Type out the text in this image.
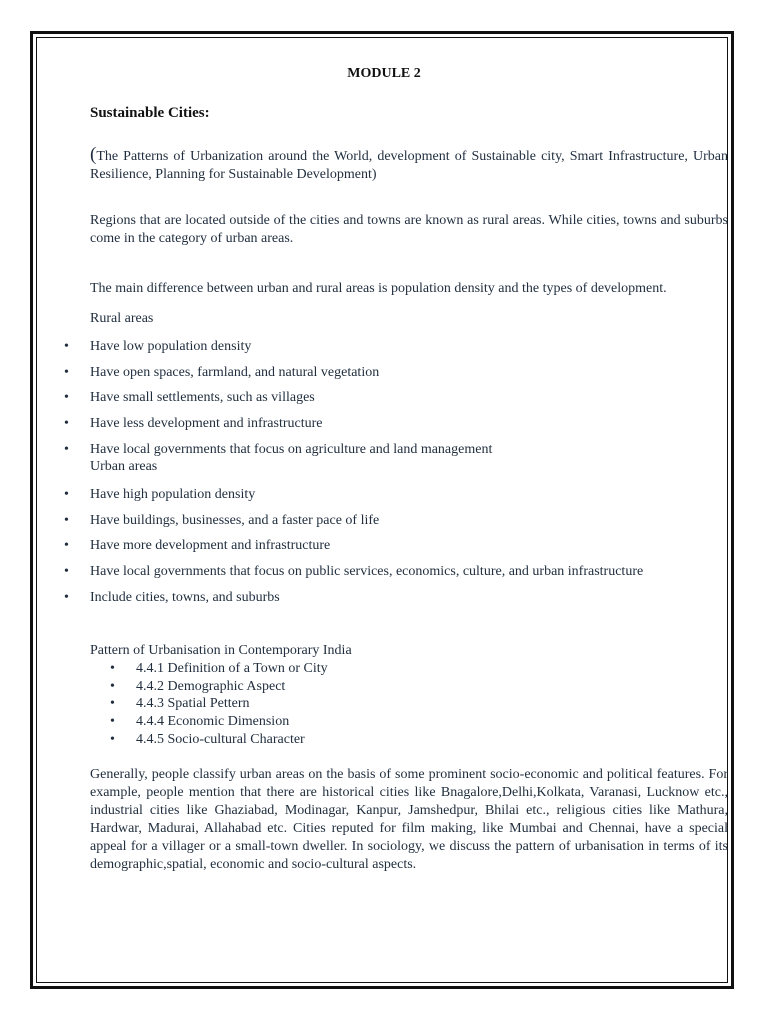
MODULE 2
Sustainable Cities:

(The Patterns of Urbanization around the World, development of Sustainable city, Smart Infrastructure, Urban Resilience, Planning for Sustainable Development)

Regions that are located outside of the cities and towns are known as rural areas. While cities, towns and suburbs come in the category of urban areas.

The main difference between urban and rural areas is population density and the types of development.

Rural areas

• Have low population density
• Have open spaces, farmland, and natural vegetation
• Have small settlements, such as villages
• Have less development and infrastructure
• Have local governments that focus on agriculture and land management

Urban areas

• Have high population density
• Have buildings, businesses, and a faster pace of life
• Have more development and infrastructure
• Have local governments that focus on public services, economics, culture, and urban infrastructure
• Include cities, towns, and suburbs

Pattern of Urbanisation in Contemporary India

• 4.4.1 Definition of a Town or City
• 4.4.2 Demographic Aspect
• 4.4.3 Spatial Pettern
• 4.4.4 Economic Dimension
• 4.4.5 Socio-cultural Character

Generally, people classify urban areas on the basis of some prominent socio-economic and political features. For example, people mention that there are historical cities like Bnagalore,Delhi,Kolkata, Varanasi, Lucknow etc., industrial cities like Ghaziabad, Modinagar, Kanpur, Jamshedpur, Bhilai etc., religious cities like Mathura, Hardwar, Madurai, Allahabad etc. Cities reputed for film making, like Mumbai and Chennai, have a special appeal for a villager or a small-town dweller. In sociology, we discuss the pattern of urbanisation in terms of its demographic,spatial, economic and socio-cultural aspects.
